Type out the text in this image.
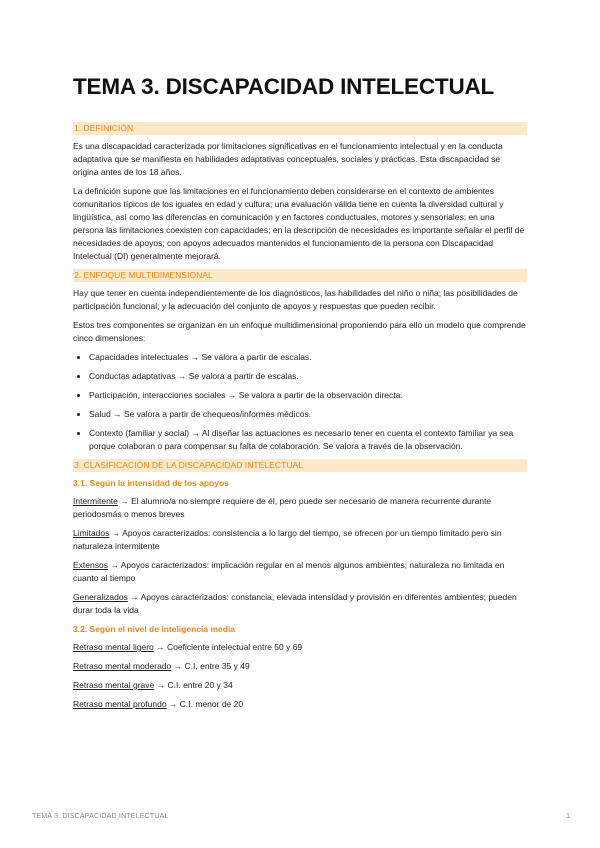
TEMA 3. DISCAPACIDAD INTELECTUAL
1. DEFINICIÓN

Es una discapacidad caracterizada por limitaciones significativas en el funcionamiento intelectual y en la conducta adaptativa que se manifiesta en habilidades adaptativas conceptuales, sociales y prácticas. Esta discapacidad se origina antes de los 18 años.

La definición supone que las limitaciones en el funcionamiento deben considerarse en el contexto de ambientes comunitarios típicos de los iguales en edad y cultura; una evaluación válida tiene en cuenta la diversidad cultural y lingüística, así como las diferencias en comunicación y en factores conductuales, motores y sensoriales; en una persona las limitaciones coexisten con capacidades; en la descripción de necesidades es importante señalar el perfil de necesidades de apoyos; con apoyos adecuados mantenidos el funcionamiento de la persona con Discapacidad Intelectual (DI) generalmente mejorará.

2. ENFOQUE MULTIDIMENSIONAL

Hay que tener en cuenta independientemente de los diagnósticos, las habilidades del niño o niña; las posibilidades de participación funcional; y la adecuación del conjunto de apoyos y respuestas que pueden recibir.

Estos tres componentes se organizan en un enfoque multidimensional proponiendo para ello un modelo que comprende cinco dimensiones:

• Capacidades intelectuales → Se valora a partir de escalas.
• Conductas adaptativas → Se valora a partir de escalas.
• Participación, interacciones sociales → Se valora a partir de la observación directa.
• Salud → Se valora a partir de chequeos/informes médicos.
• Contexto (familiar y social) → Al diseñar las actuaciones es necesario tener en cuenta el contexto familiar ya sea porque colaboran o para compensar su falta de colaboración. Se valora a través de la observación.
3. CLASIFICACIÓN DE LA DISCAPACIDAD INTELECTUAL
3.1. Según la intensidad de los apoyos
Intermitente → El alumno/a no siempre requiere de él, pero puede ser necesario de manera recurrente durante periodosmás o menos breves
Limitados → Apoyos caracterizados: consistencia a lo largo del tiempo, se ofrecen por un tiempo limitado pero sin naturaleza intermitente
Extensos → Apoyos caracterizados: implicación regular en al menos algunos ambientes; naturaleza no limitada en cuanto al tiempo
Generalizados → Apoyos caracterizados: constancia, elevada intensidad y provisión en diferentes ambientes; pueden durar toda la vida
3.2. Según el nivel de inteligencia media
Retraso mental ligero → Coeficiente intelectual entre 50 y 69
Retraso mental moderado → C.I, entre 35 y 49
Retraso mental grave → C.I. entre 20 y 34
Retraso mental profundo → C.I. menor de 20
TEMA 3. DISCAPACIDAD INTELECTUAL	1
